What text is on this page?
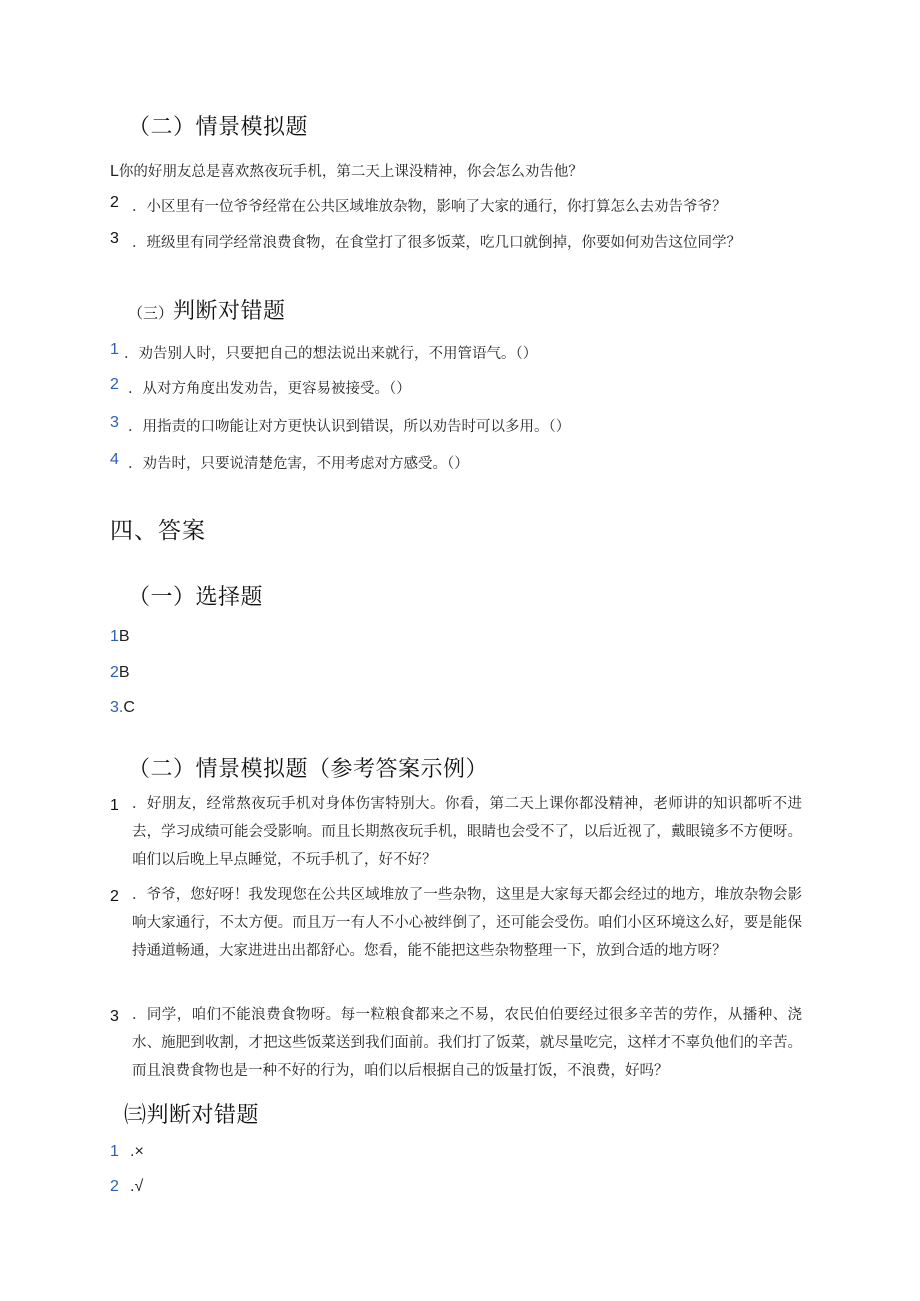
（二）情景模拟题
L你的好朋友总是喜欢熬夜玩手机，第二天上课没精神，你会怎么劝告他？
2 ．小区里有一位爷爷经常在公共区域堆放杂物，影响了大家的通行，你打算怎么去劝告爷爷？
3 ．班级里有同学经常浪费食物，在食堂打了很多饭菜，吃几口就倒掉，你要如何劝告这位同学？
（三）判断对错题
1 ．劝告别人时，只要把自己的想法说出来就行，不用管语气。（）
2 ．从对方角度出发劝告，更容易被接受。（）
3 ．用指责的口吻能让对方更快认识到错误，所以劝告时可以多用。（）
4 ．劝告时，只要说清楚危害，不用考虑对方感受。（）
四、答案
（一）选择题
1B
2B
3.C
（二）情景模拟题（参考答案示例）
1 ．好朋友，经常熬夜玩手机对身体伤害特别大。你看，第二天上课你都没精神，老师讲的知识都听不进去，学习成绩可能会受影响。而且长期熬夜玩手机，眼睛也会受不了，以后近视了，戴眼镜多不方便呀。咱们以后晚上早点睡觉，不玩手机了，好不好？
2 ．爷爷，您好呀！我发现您在公共区域堆放了一些杂物，这里是大家每天都会经过的地方，堆放杂物会影响大家通行，不太方便。而且万一有人不小心被绊倒了，还可能会受伤。咱们小区环境这么好，要是能保持通道畅通，大家进进出出都舒心。您看，能不能把这些杂物整理一下，放到合适的地方呀？
3 ．同学，咱们不能浪费食物呀。每一粒粮食都来之不易，农民伯伯要经过很多辛苦的劳作，从播种、浇水、施肥到收割，才把这些饭菜送到我们面前。我们打了饭菜，就尽量吃完，这样才不辜负他们的辛苦。而且浪费食物也是一种不好的行为，咱们以后根据自己的饭量打饭，不浪费，好吗？
㈢判断对错题
1 .×
2 .√
